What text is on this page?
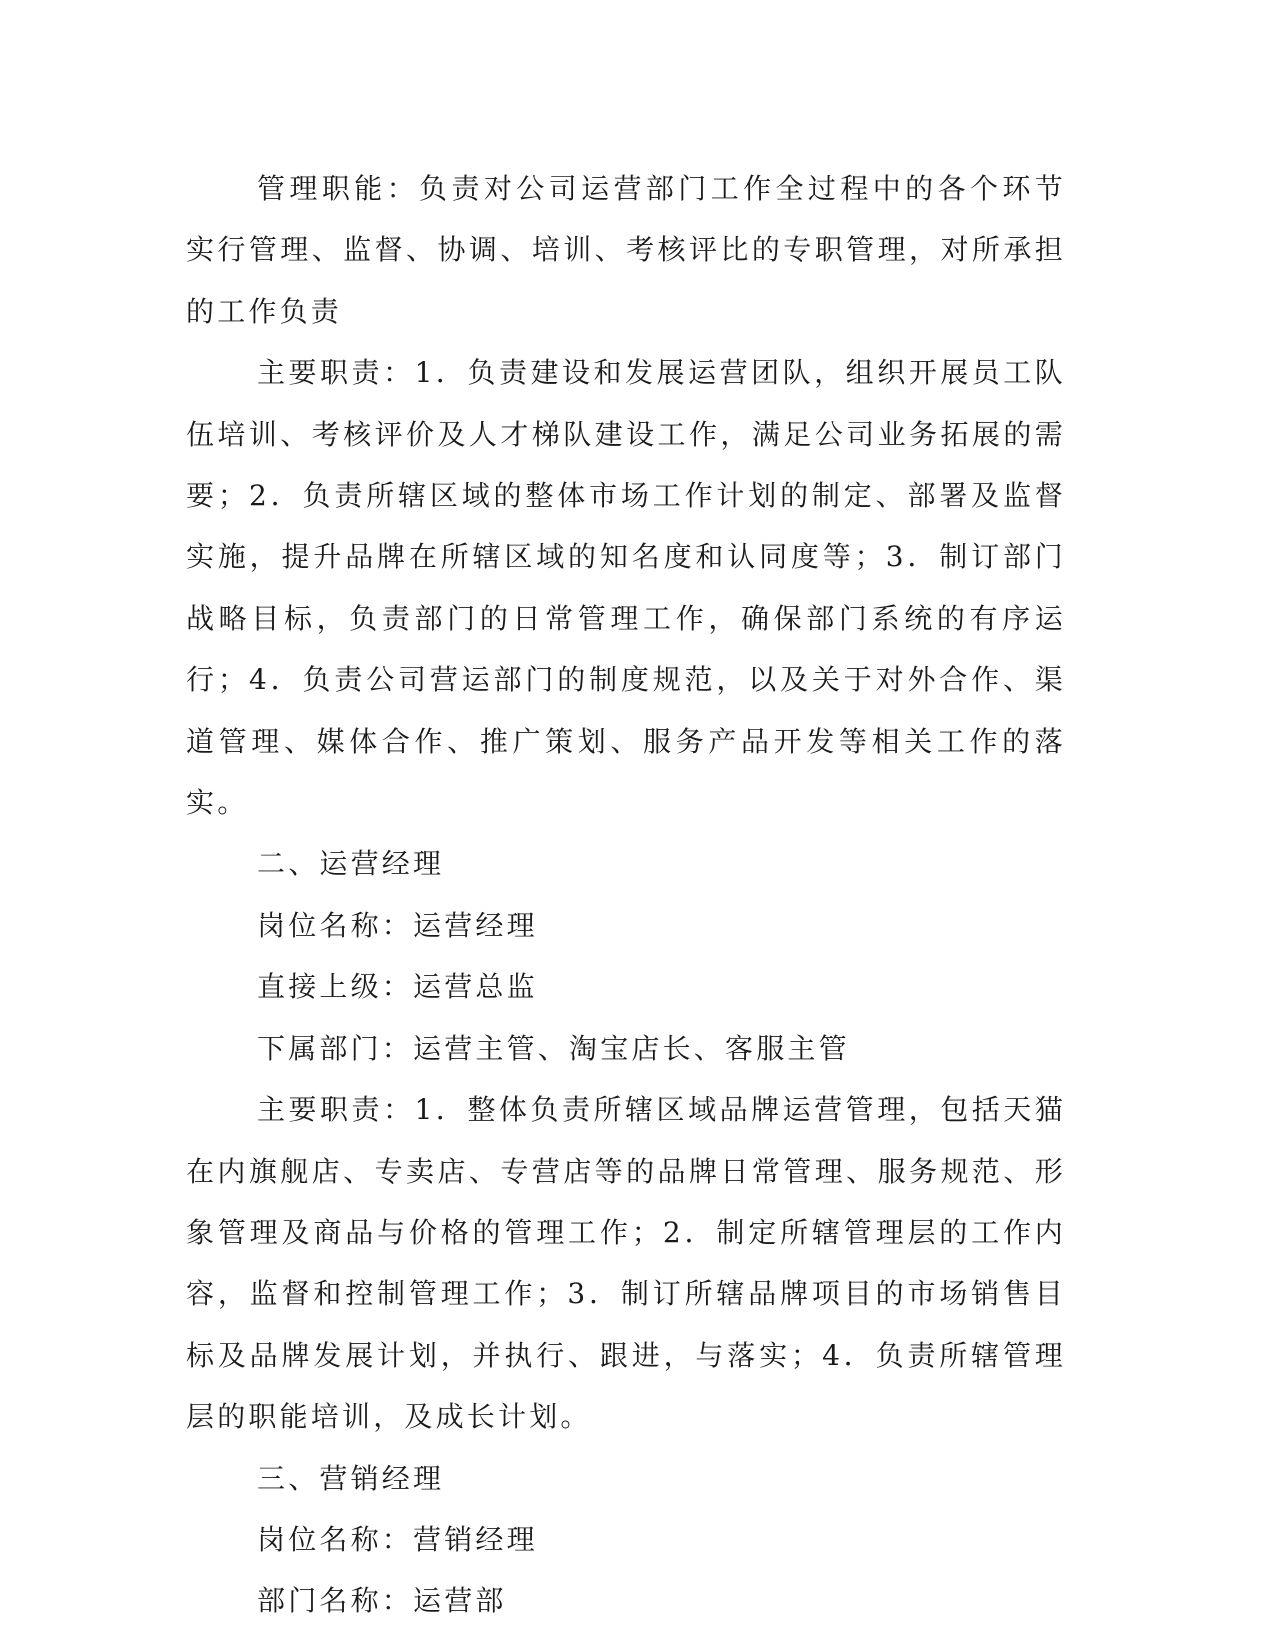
管理职能：负责对公司运营部门工作全过程中的各个环节实行管理、监督、协调、培训、考核评比的专职管理，对所承担的工作负责

主要职责：1．负责建设和发展运营团队，组织开展员工队伍培训、考核评价及人才梯队建设工作，满足公司业务拓展的需要；2．负责所辖区域的整体市场工作计划的制定、部署及监督实施，提升品牌在所辖区域的知名度和认同度等；3．制订部门战略目标，负责部门的日常管理工作，确保部门系统的有序运行；4．负责公司营运部门的制度规范，以及关于对外合作、渠道管理、媒体合作、推广策划、服务产品开发等相关工作的落实。

二、运营经理

岗位名称：运营经理

直接上级：运营总监

下属部门：运营主管、淘宝店长、客服主管

主要职责：1．整体负责所辖区域品牌运营管理，包括天猫在内旗舰店、专卖店、专营店等的品牌日常管理、服务规范、形象管理及商品与价格的管理工作；2．制定所辖管理层的工作内容，监督和控制管理工作；3．制订所辖品牌项目的市场销售目标及品牌发展计划，并执行、跟进，与落实；4．负责所辖管理层的职能培训，及成长计划。

三、营销经理

岗位名称：营销经理

部门名称：运营部
